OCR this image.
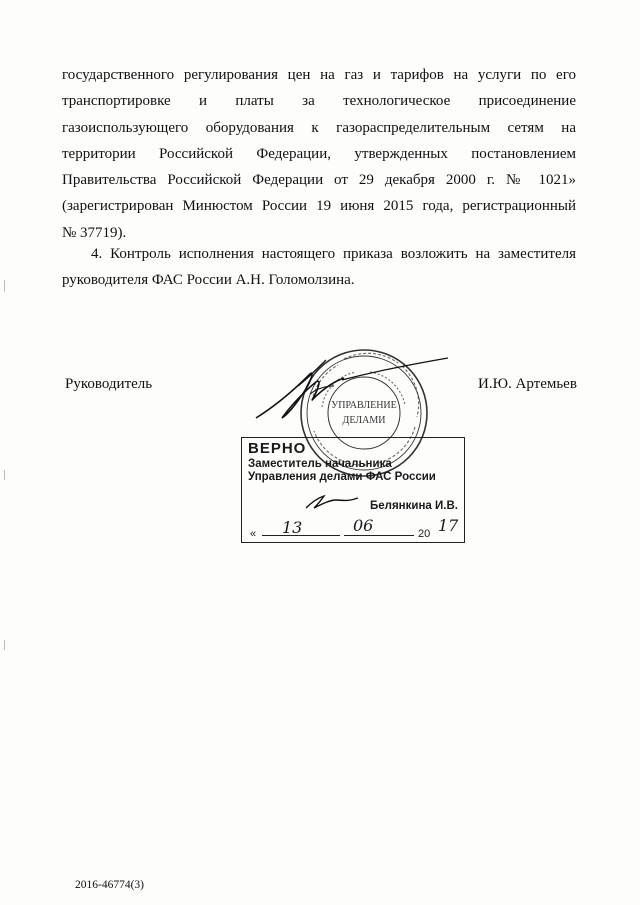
государственного регулирования цен на газ и тарифов на услуги по его
транспортировке и платы за технологическое присоединение
газоиспользующего оборудования к газораспределительным сетям на
территории Российской Федерации, утвержденных постановлением
Правительства Российской Федерации от 29 декабря 2000 г. № 1021»
(зарегистрирован Минюстом России 19 июня 2015 года, регистрационный
№ 37719).
4. Контроль исполнения настоящего приказа возложить на заместителя
руководителя ФАС России А.Н. Голомолзина.
Руководитель	И.Ю. Артемьев
УПРАВЛЕНИЕ
ДЕЛАМИ
ВЕРНО
Заместитель начальника
Управления делами ФАС России
Белянкина И.В.
« 13	06	20 17
2016-46774(3)
